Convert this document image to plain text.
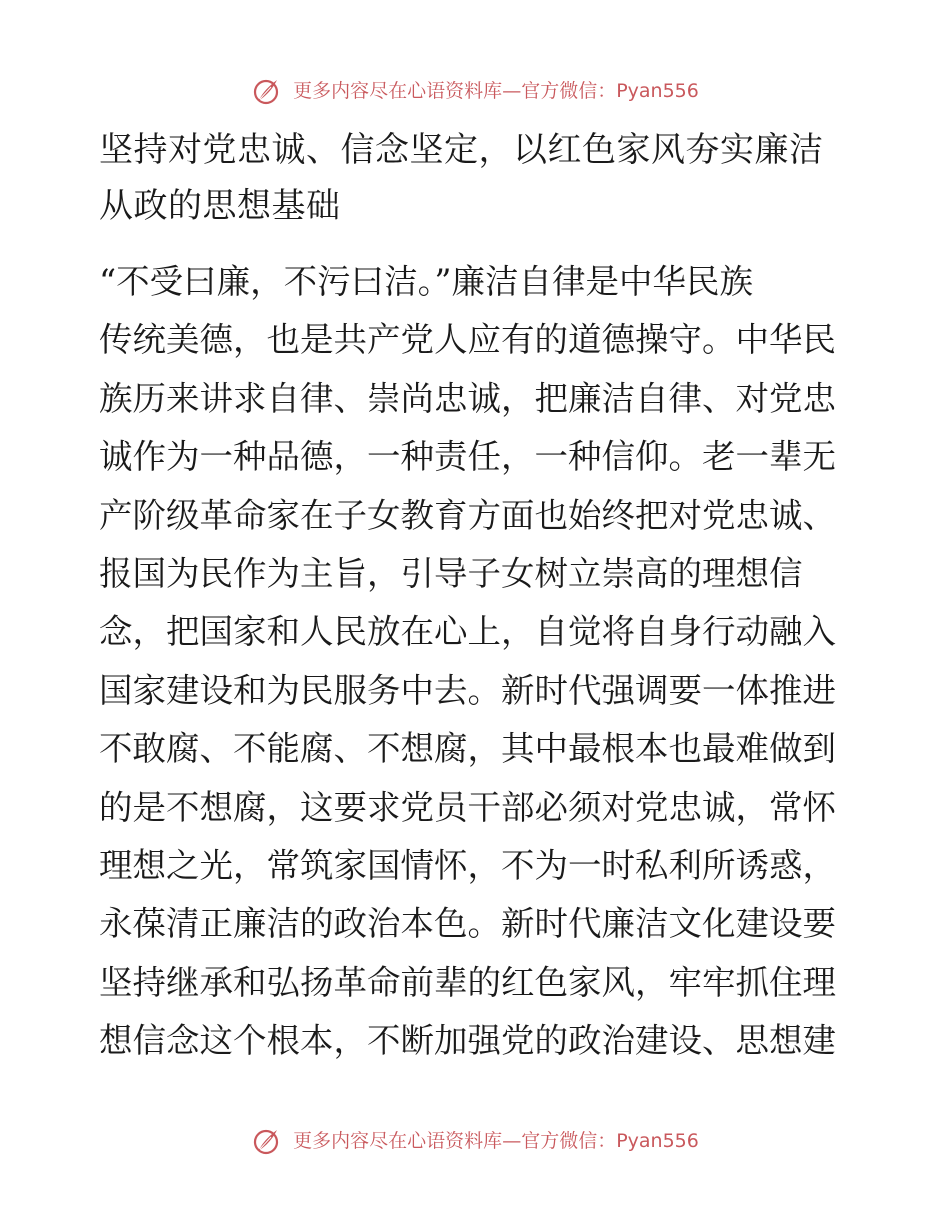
更多内容尽在心语资料库—官方微信：Pyan556
坚持对党忠诚、信念坚定，以红色家风夯实廉洁
从政的思想基础
“不受曰廉，不污曰洁。”廉洁自律是中华民族
传统美德，也是共产党人应有的道德操守。中华民
族历来讲求自律、崇尚忠诚，把廉洁自律、对党忠
诚作为一种品德，一种责任，一种信仰。老一辈无
产阶级革命家在子女教育方面也始终把对党忠诚、
报国为民作为主旨，引导子女树立崇高的理想信
念，把国家和人民放在心上，自觉将自身行动融入
国家建设和为民服务中去。新时代强调要一体推进
不敢腐、不能腐、不想腐，其中最根本也最难做到
的是不想腐，这要求党员干部必须对党忠诚，常怀
理想之光，常筑家国情怀，不为一时私利所诱惑，
永葆清正廉洁的政治本色。新时代廉洁文化建设要
坚持继承和弘扬革命前辈的红色家风，牢牢抓住理
想信念这个根本，不断加强党的政治建设、思想建
更多内容尽在心语资料库—官方微信：Pyan556
